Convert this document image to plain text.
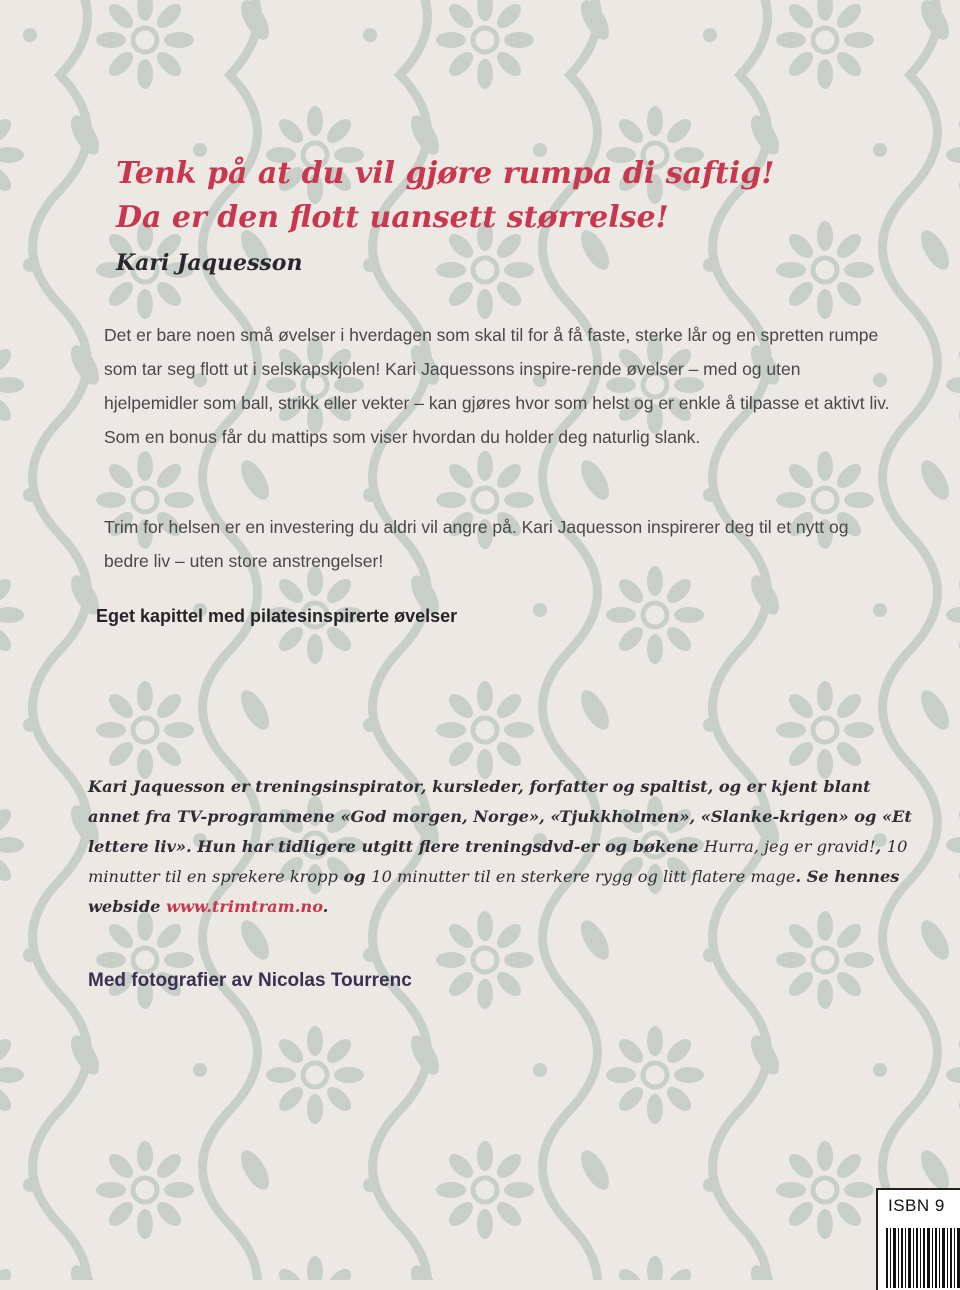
Tenk på at du vil gjøre rumpa di saftig!
Da er den flott uansett størrelse!
Kari Jaquesson

Det er bare noen små øvelser i hverdagen som skal til for å få faste, sterke lår og en spretten rumpe som tar seg flott ut i selskapskjolen! Kari Jaquessons inspire-rende øvelser – med og uten hjelpemidler som ball, strikk eller vekter – kan gjøres hvor som helst og er enkle å tilpasse et aktivt liv. Som en bonus får du mattips som viser hvordan du holder deg naturlig slank.

Trim for helsen er en investering du aldri vil angre på. Kari Jaquesson inspirerer deg til et nytt og bedre liv – uten store anstrengelser!

Eget kapittel med pilatesinspirerte øvelser

Kari Jaquesson er treningsinspirator, kursleder, forfatter og spaltist, og er kjent blant annet fra TV-programmene «God morgen, Norge», «Tjukkholmen», «Slanke-krigen» og «Et lettere liv». Hun har tidligere utgitt flere treningsdvd-er og bøkene Hurra, jeg er gravid!, 10 minutter til en sprekere kropp og 10 minutter til en sterkere rygg og litt flatere mage. Se hennes webside www.trimtram.no.

Med fotografier av Nicolas Tourrenc

ISBN 9
